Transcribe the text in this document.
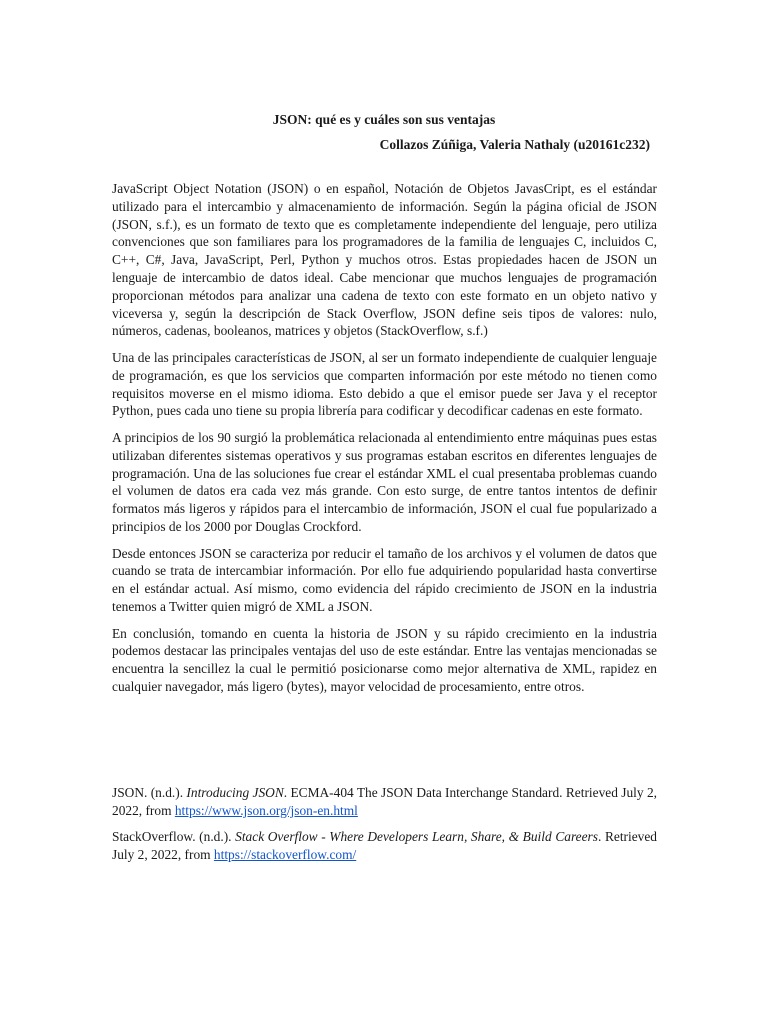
JSON: qué es y cuáles son sus ventajas
Collazos Zúñiga, Valeria Nathaly (u20161c232)

JavaScript Object Notation (JSON) o en español, Notación de Objetos JavasCript, es el estándar utilizado para el intercambio y almacenamiento de información. Según la página oficial de JSON (JSON, s.f.), es un formato de texto que es completamente independiente del lenguaje, pero utiliza convenciones que son familiares para los programadores de la familia de lenguajes C, incluidos C, C++, C#, Java, JavaScript, Perl, Python y muchos otros. Estas propiedades hacen de JSON un lenguaje de intercambio de datos ideal. Cabe mencionar que muchos lenguajes de programación proporcionan métodos para analizar una cadena de texto con este formato en un objeto nativo y viceversa y, según la descripción de Stack Overflow, JSON define seis tipos de valores: nulo, números, cadenas, booleanos, matrices y objetos (StackOverflow, s.f.)

Una de las principales características de JSON, al ser un formato independiente de cualquier lenguaje de programación, es que los servicios que comparten información por este método no tienen como requisitos moverse en el mismo idioma. Esto debido a que el emisor puede ser Java y el receptor Python, pues cada uno tiene su propia librería para codificar y decodificar cadenas en este formato.

A principios de los 90 surgió la problemática relacionada al entendimiento entre máquinas pues estas utilizaban diferentes sistemas operativos y sus programas estaban escritos en diferentes lenguajes de programación. Una de las soluciones fue crear el estándar XML el cual presentaba problemas cuando el volumen de datos era cada vez más grande. Con esto surge, de entre tantos intentos de definir formatos más ligeros y rápidos para el intercambio de información, JSON el cual fue popularizado a principios de los 2000 por Douglas Crockford.

Desde entonces JSON se caracteriza por reducir el tamaño de los archivos y el volumen de datos que cuando se trata de intercambiar información. Por ello fue adquiriendo popularidad hasta convertirse en el estándar actual. Así mismo, como evidencia del rápido crecimiento de JSON en la industria tenemos a Twitter quien migró de XML a JSON.

En conclusión, tomando en cuenta la historia de JSON y su rápido crecimiento en la industria podemos destacar las principales ventajas del uso de este estándar. Entre las ventajas mencionadas se encuentra la sencillez la cual le permitió posicionarse como mejor alternativa de XML, rapidez en cualquier navegador, más ligero (bytes), mayor velocidad de procesamiento, entre otros.

JSON. (n.d.). Introducing JSON. ECMA-404 The JSON Data Interchange Standard. Retrieved July 2, 2022, from https://www.json.org/json-en.html

StackOverflow. (n.d.). Stack Overflow - Where Developers Learn, Share, & Build Careers. Retrieved July 2, 2022, from https://stackoverflow.com/
